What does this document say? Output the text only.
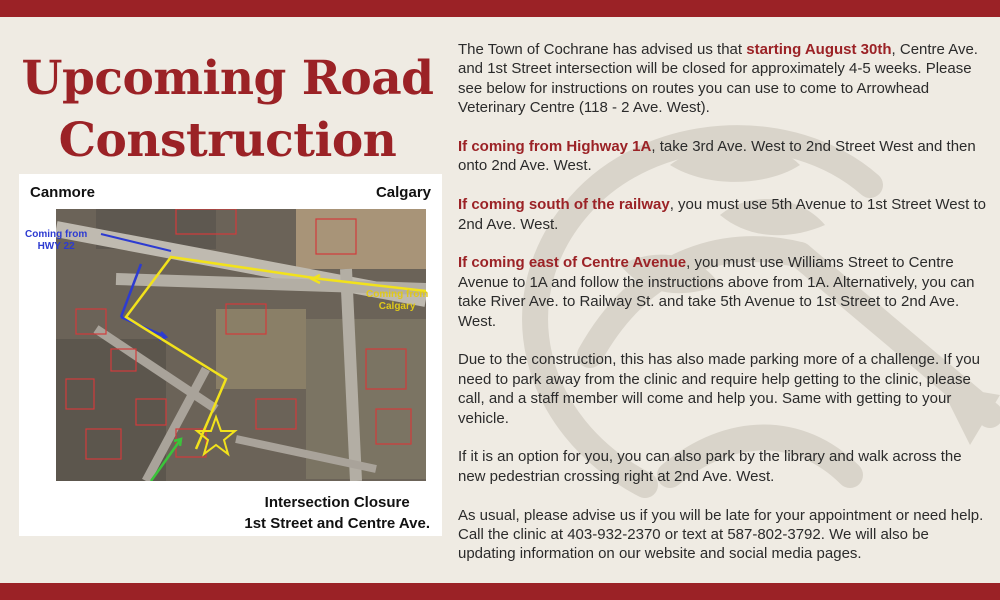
Upcoming Road
Construction
Canmore	Calgary
Coming from
HWY 22
Coming from
Calgary
Intersection Closure
1st Street and Centre Ave.

The Town of Cochrane has advised us that starting August 30th, Centre Ave. and 1st Street intersection will be closed for approximately 4-5 weeks. Please see below for instructions on routes you can use to come to Arrowhead Veterinary Centre (118 - 2 Ave. West).

If coming from Highway 1A, take 3rd Ave. West to 2nd Street West and then onto 2nd Ave. West.

If coming south of the railway, you must use 5th Avenue to 1st Street West to 2nd Ave. West.

If coming east of Centre Avenue, you must use Williams Street to Centre Avenue to 1A and follow the instructions above from 1A. Alternatively, you can take River Ave. to Railway St. and take 5th Avenue to 1st Street to 2nd Ave. West.

Due to the construction, this has also made parking more of a challenge. If you need to park away from the clinic and require help getting to the clinic, please call, and a staff member will come and help you. Same with getting to your vehicle.

If it is an option for you, you can also park by the library and walk across the new pedestrian crossing right at 2nd Ave. West.

As usual, please advise us if you will be late for your appointment or need help. Call the clinic at 403-932-2370 or text at 587-802-3792. We will also be updating information on our website and social media pages.
